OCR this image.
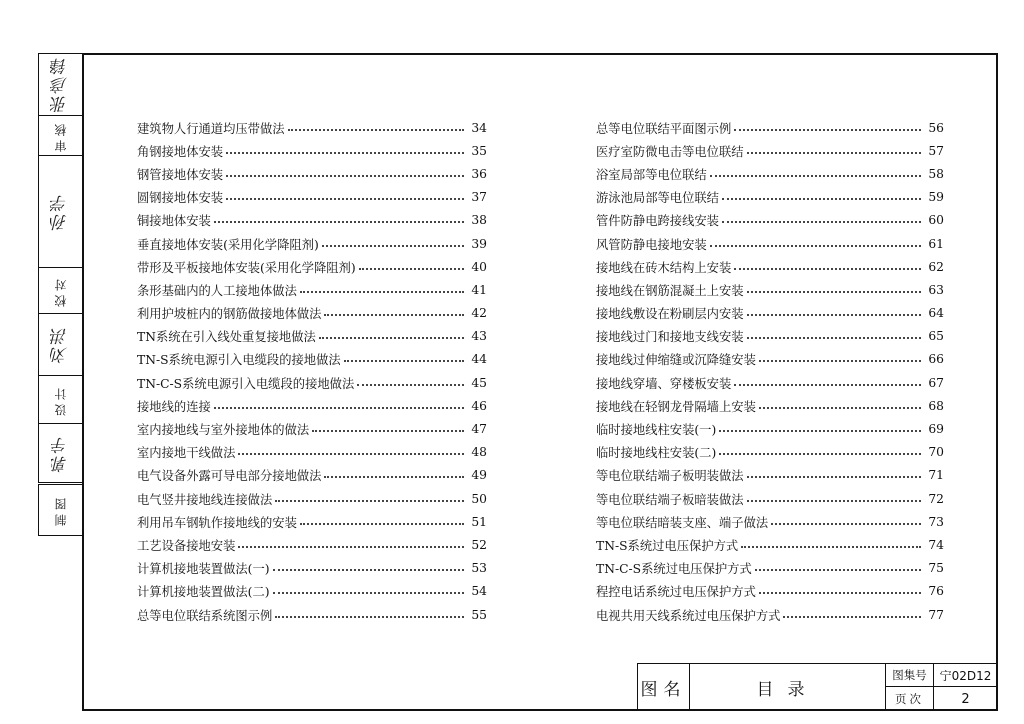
张彦锋
审核
孙学
校对
刘洪
设计
郭宇
制图
建筑物人行通道均压带做法	34
角钢接地体安装	35
钢管接地体安装	36
圆钢接地体安装	37
铜接地体安装	38
垂直接地体安装(采用化学降阻剂)	39
带形及平板接地体安装(采用化学降阻剂)	40
条形基础内的人工接地体做法	41
利用护坡桩内的钢筋做接地体做法	42
TN系统在引入线处重复接地做法	43
TN-S系统电源引入电缆段的接地做法	44
TN-C-S系统电源引入电缆段的接地做法	45
接地线的连接	46
室内接地线与室外接地体的做法	47
室内接地干线做法	48
电气设备外露可导电部分接地做法	49
电气竖井接地线连接做法	50
利用吊车钢轨作接地线的安装	51
工艺设备接地安装	52
计算机接地装置做法(一)	53
计算机接地装置做法(二)	54
总等电位联结系统图示例	55
总等电位联结平面图示例	56
医疗室防微电击等电位联结	57
浴室局部等电位联结	58
游泳池局部等电位联结	59
管件防静电跨接线安装	60
风管防静电接地安装	61
接地线在砖木结构上安装	62
接地线在钢筋混凝土上安装	63
接地线敷设在粉刷层内安装	64
接地线过门和接地支线安装	65
接地线过伸缩缝或沉降缝安装	66
接地线穿墙、穿楼板安装	67
接地线在轻钢龙骨隔墙上安装	68
临时接地线柱安装(一)	69
临时接地线柱安装(二)	70
等电位联结端子板明装做法	71
等电位联结端子板暗装做法	72
等电位联结暗装支座、端子做法	73
TN-S系统过电压保护方式	74
TN-C-S系统过电压保护方式	75
程控电话系统过电压保护方式	76
电视共用天线系统过电压保护方式	77
图名	目录
图集号	宁02D12
页次	2
